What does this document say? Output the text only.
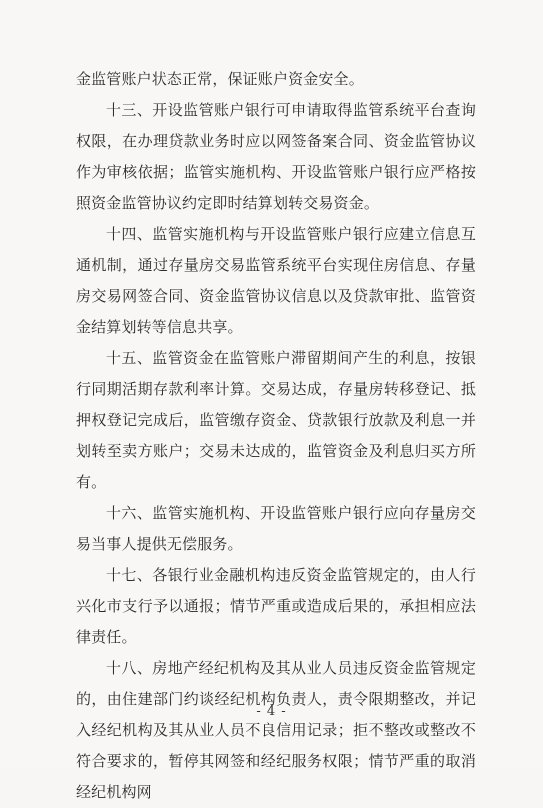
金监管账户状态正常，保证账户资金安全。

十三、开设监管账户银行可申请取得监管系统平台查询权限，在办理贷款业务时应以网签备案合同、资金监管协议作为审核依据；监管实施机构、开设监管账户银行应严格按照资金监管协议约定即时结算划转交易资金。

十四、监管实施机构与开设监管账户银行应建立信息互通机制，通过存量房交易监管系统平台实现住房信息、存量房交易网签合同、资金监管协议信息以及贷款审批、监管资金结算划转等信息共享。

十五、监管资金在监管账户滞留期间产生的利息，按银行同期活期存款利率计算。交易达成，存量房转移登记、抵押权登记完成后，监管缴存资金、贷款银行放款及利息一并划转至卖方账户；交易未达成的，监管资金及利息归买方所有。

十六、监管实施机构、开设监管账户银行应向存量房交易当事人提供无偿服务。

十七、各银行业金融机构违反资金监管规定的，由人行兴化市支行予以通报；情节严重或造成后果的，承担相应法律责任。

十八、房地产经纪机构及其从业人员违反资金监管规定的，由住建部门约谈经纪机构负责人，责令限期整改，并记入经纪机构及其从业人员不良信用记录；拒不整改或整改不符合要求的，暂停其网签和经纪服务权限；情节严重的取消经纪机构网

- 4 -
